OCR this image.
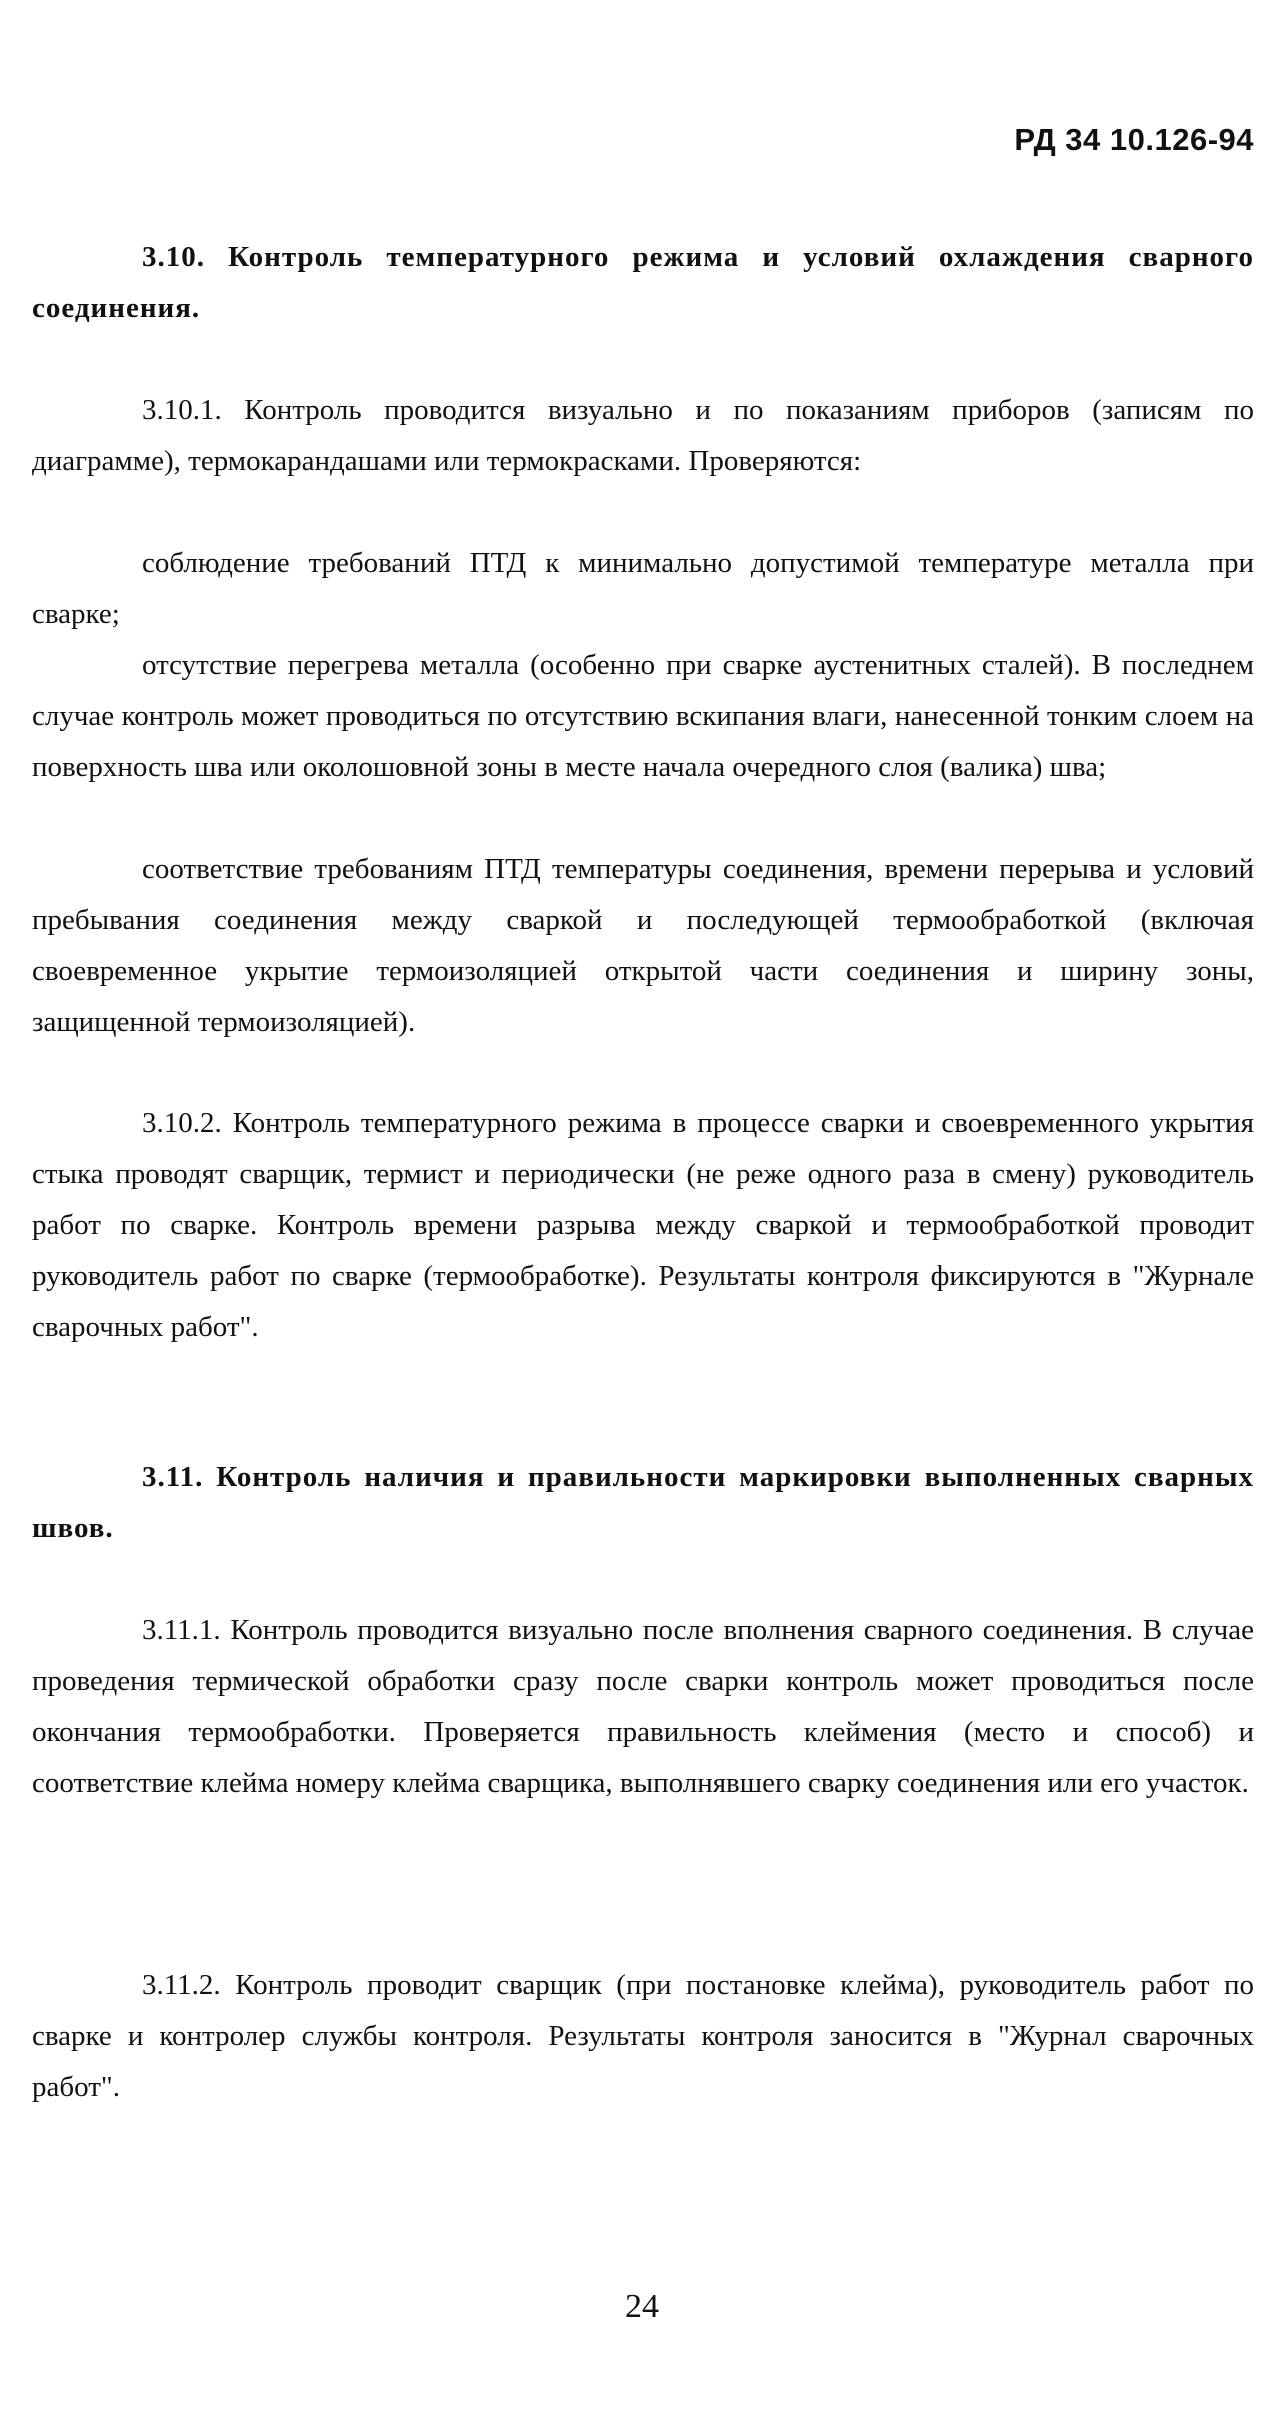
РД 34 10.126-94

3.10. Контроль температурного режима и условий охлаждения сварного соединения.

3.10.1. Контроль проводится визуально и по показаниям приборов (записям по диаграмме), термокарандашами или термокрасками. Проверяются:

соблюдение требований ПТД к минимально допустимой температуре металла при сварке;

отсутствие перегрева металла (особенно при сварке аустенитных сталей). В последнем случае контроль может проводиться по отсутствию вскипания влаги, нанесенной тонким слоем на поверхность шва или околошовной зоны в месте начала очередного слоя (валика) шва;

соответствие требованиям ПТД температуры соединения, времени перерыва и условий пребывания соединения между сваркой и последующей термообработкой (включая своевременное укрытие термоизоляцией открытой части соединения и ширину зоны, защищенной термоизоляцией).

3.10.2. Контроль температурного режима в процессе сварки и своевременного укрытия стыка проводят сварщик, термист и периодически (не реже одного раза в смену) руководитель работ по сварке. Контроль времени разрыва между сваркой и термообработкой проводит руководитель работ по сварке (термообработке). Результаты контроля фиксируются в "Журнале сварочных работ".

3.11. Контроль наличия и правильности маркировки выполненных сварных швов.

3.11.1. Контроль проводится визуально после вполнения сварного соединения. В случае проведения термической обработки сразу после сварки контроль может проводиться после окончания термообработки. Проверяется правильность клеймения (место и способ) и соответствие клейма номеру клейма сварщика, выполнявшего сварку соединения или его участок.

3.11.2. Контроль проводит сварщик (при постановке клейма), руководитель работ по сварке и контролер службы контроля. Результаты контроля заносится в "Журнал сварочных работ".

24
